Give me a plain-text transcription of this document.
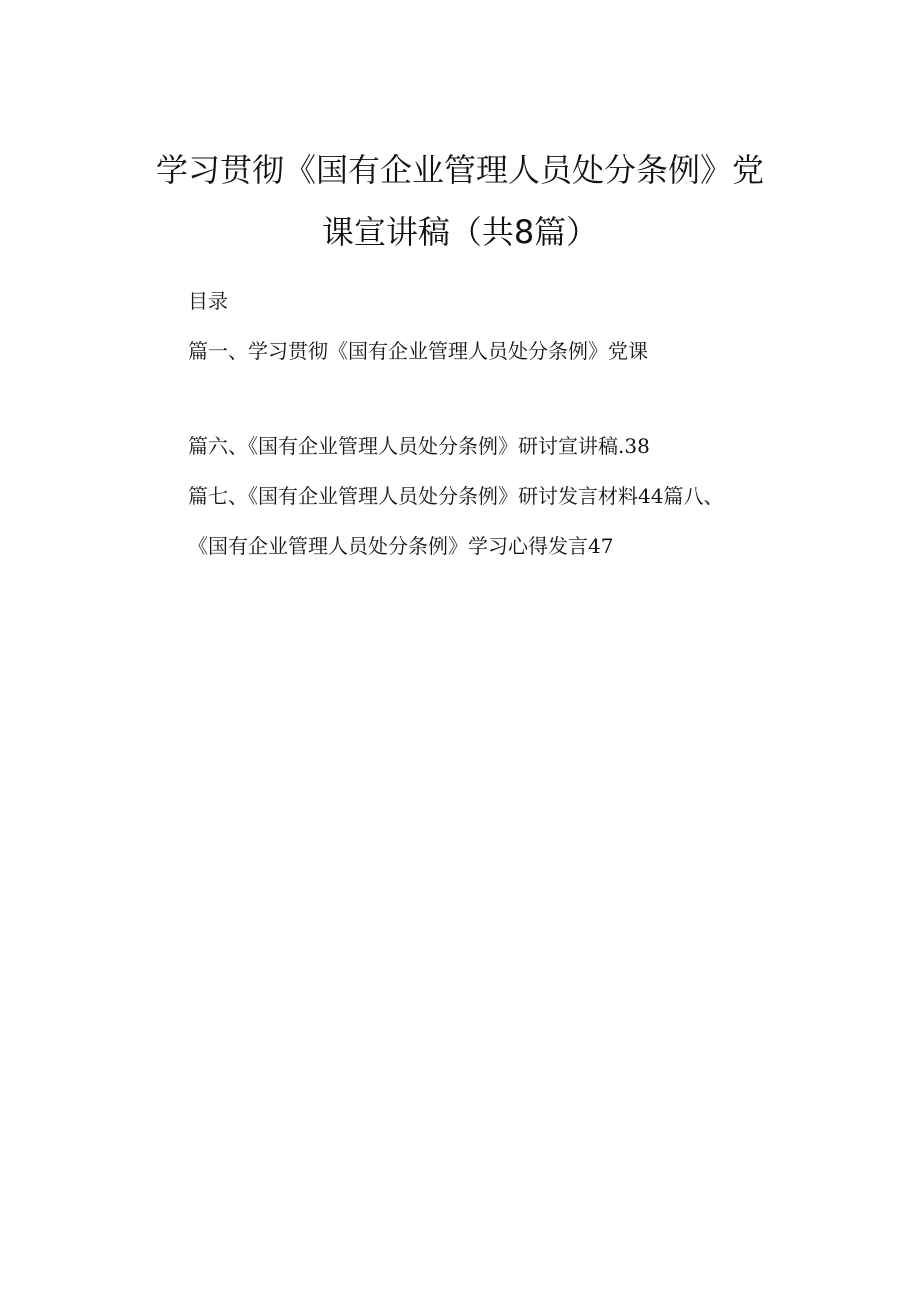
学习贯彻《国有企业管理人员处分条例》党
课宣讲稿（共8篇）
目录
篇一、学习贯彻《国有企业管理人员处分条例》党课
篇六、《国有企业管理人员处分条例》研讨宣讲稿.38
篇七、《国有企业管理人员处分条例》研讨发言材料44篇八、
《国有企业管理人员处分条例》学习心得发言47
